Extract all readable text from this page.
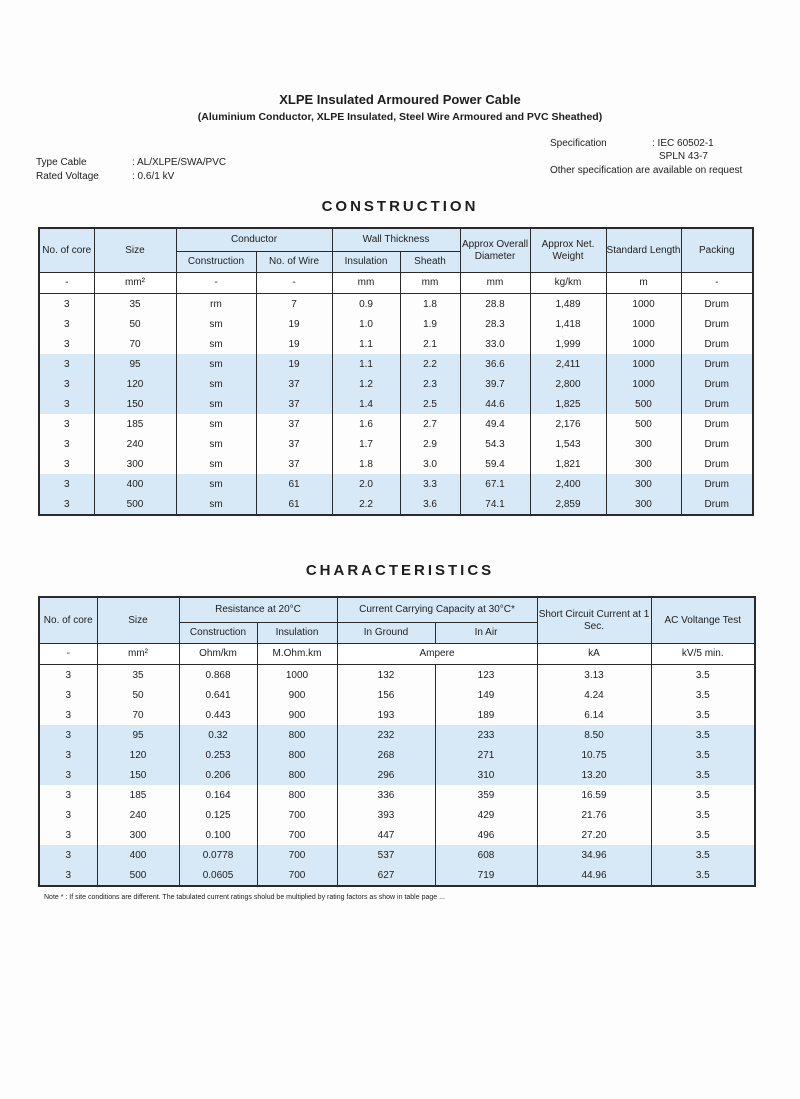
XLPE Insulated Armoured Power Cable
(Aluminium Conductor, XLPE Insulated, Steel Wire Armoured and PVC Sheathed)
Type Cable	: AL/XLPE/SWA/PVC
Rated Voltage	: 0.6/1 kV
Specification	: IEC 60502-1
SPLN 43-7
Other specification are available on request
CONSTRUCTION
No. of core	Size	Conductor		Wall Thickness		Approx Overall Diameter	Approx Net. Weight	Standard Length	Packing
		Construction	No. of Wire	Insulation	Sheath				
-	mm²	-	-	mm	mm	mm	kg/km	m	-
3	35	rm	7	0.9	1.8	28.8	1,489	1000	Drum
3	50	sm	19	1.0	1.9	28.3	1,418	1000	Drum
3	70	sm	19	1.1	2.1	33.0	1,999	1000	Drum
3	95	sm	19	1.1	2.2	36.6	2,411	1000	Drum
3	120	sm	37	1.2	2.3	39.7	2,800	1000	Drum
3	150	sm	37	1.4	2.5	44.6	1,825	500	Drum
3	185	sm	37	1.6	2.7	49.4	2,176	500	Drum
3	240	sm	37	1.7	2.9	54.3	1,543	300	Drum
3	300	sm	37	1.8	3.0	59.4	1,821	300	Drum
3	400	sm	61	2.0	3.3	67.1	2,400	300	Drum
3	500	sm	61	2.2	3.6	74.1	2,859	300	Drum
CHARACTERISTICS
No. of core	Size	Resistance at 20°C		Current Carrying Capacity at 30°C*		Short Circuit Current at 1 Sec.	AC Voltange Test
		Construction	Insulation	In Ground	In Air		
-	mm²	Ohm/km	M.Ohm.km	Ampere		kA	kV/5 min.
3	35	0.868	1000	132	123	3.13	3.5
3	50	0.641	900	156	149	4.24	3.5
3	70	0.443	900	193	189	6.14	3.5
3	95	0.32	800	232	233	8.50	3.5
3	120	0.253	800	268	271	10.75	3.5
3	150	0.206	800	296	310	13.20	3.5
3	185	0.164	800	336	359	16.59	3.5
3	240	0.125	700	393	429	21.76	3.5
3	300	0.100	700	447	496	27.20	3.5
3	400	0.0778	700	537	608	34.96	3.5
3	500	0.0605	700	627	719	44.96	3.5
Note * : If site conditions are different. The tabulated current ratings sholud be multiplied by rating factors as show in table page ...
